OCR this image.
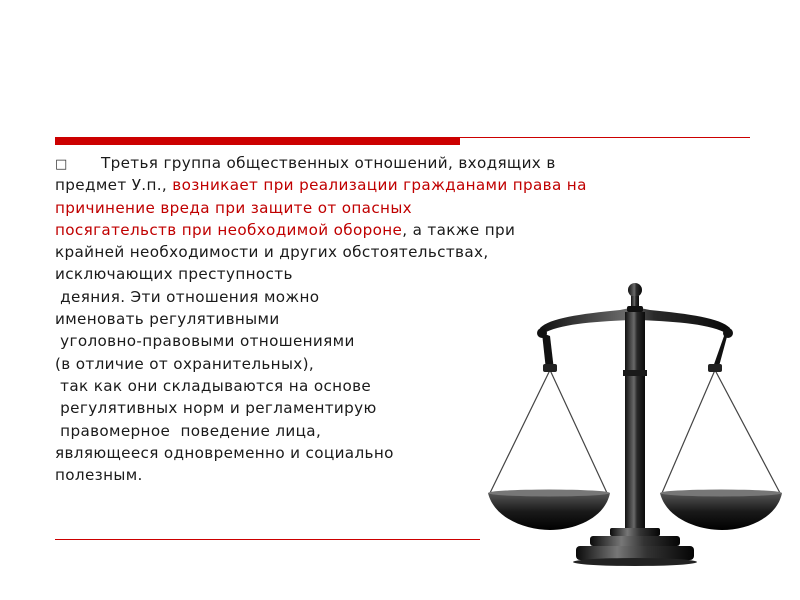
□ Третья группа общественных отношений, входящих в
предмет У.п., возникает при реализации гражданами права на
причинение вреда при защите от опасных
посягательств при необходимой обороне, а также при
крайней необходимости и других обстоятельствах,
исключающих преступность
деяния. Эти отношения можно
именовать регулятивными
уголовно-правовыми отношениями
(в отличие от охранительных),
так как они складываются на основе
регулятивных норм и регламентирую
правомерное  поведение лица,
являющееся одновременно и социально
полезным.
